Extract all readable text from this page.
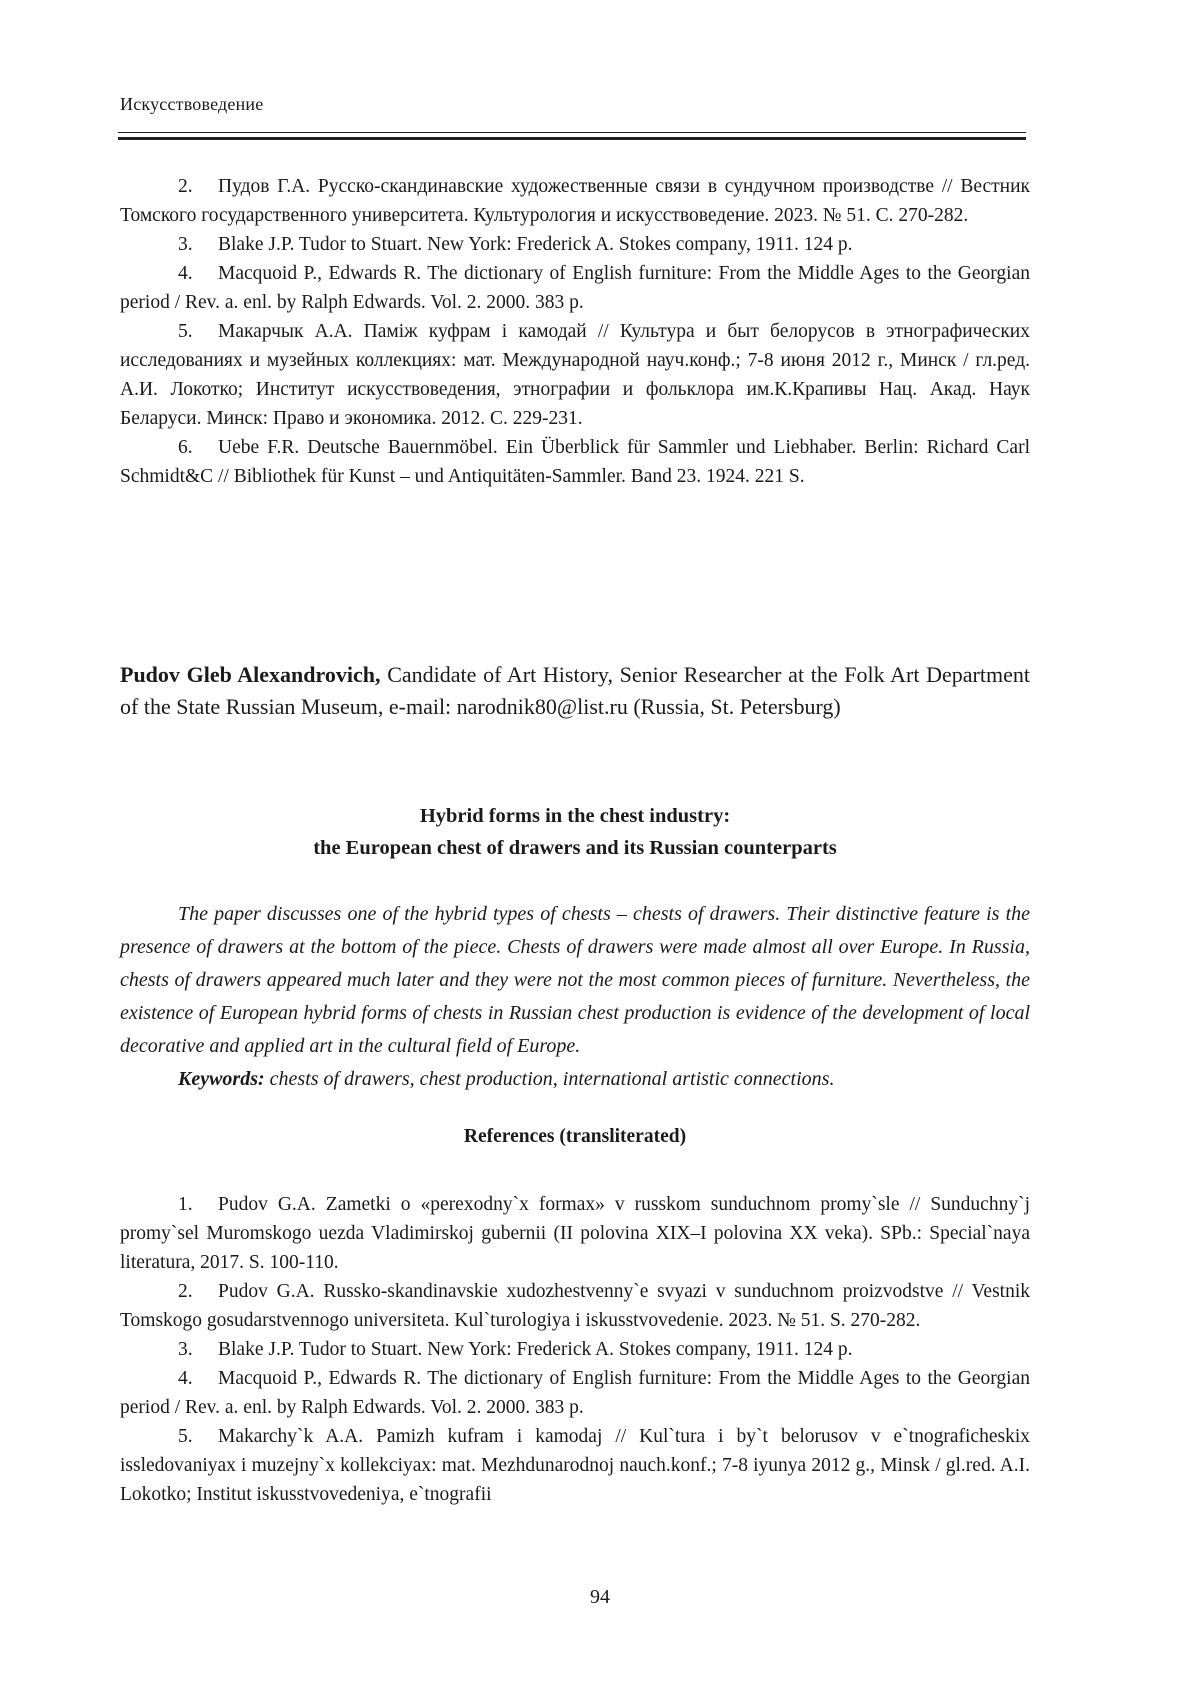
Искусствоведение

2. Пудов Г.А. Русско-скандинавские художественные связи в сундучном производстве // Вестник Томского государственного университета. Культурология и искусствоведение. 2023. № 51. С. 270-282.

3. Blake J.P. Tudor to Stuart. New York: Frederick A. Stokes company, 1911. 124 p.

4. Macquoid P., Edwards R. The dictionary of English furniture: From the Middle Ages to the Georgian period / Rev. a. enl. by Ralph Edwards. Vol. 2. 2000. 383 p.

5. Макарчык А.А. Паміж куфрам і камодай // Культура и быт белорусов в этнографических исследованиях и музейных коллекциях: мат. Международной науч.конф.; 7-8 июня 2012 г., Минск / гл.ред. А.И. Локотко; Институт искусствоведения, этнографии и фольклора им.К.Крапивы Нац. Акад. Наук Беларуси. Минск: Право и экономика. 2012. С. 229-231.

6. Uebe F.R. Deutsche Bauernmöbel. Ein Überblick für Sammler und Liebhaber. Berlin: Richard Carl Schmidt&C // Bibliothek für Kunst – und Antiquitäten-Sammler. Band 23. 1924. 221 S.

Pudov Gleb Alexandrovich, Candidate of Art History, Senior Researcher at the Folk Art Department of the State Russian Museum, e-mail: narodnik80@list.ru (Russia, St. Petersburg)

Hybrid forms in the chest industry:
the European chest of drawers and its Russian counterparts

The paper discusses one of the hybrid types of chests – chests of drawers. Their distinctive feature is the presence of drawers at the bottom of the piece. Chests of drawers were made almost all over Europe. In Russia, chests of drawers appeared much later and they were not the most common pieces of furniture. Nevertheless, the existence of European hybrid forms of chests in Russian chest production is evidence of the development of local decorative and applied art in the cultural field of Europe.

Keywords: chests of drawers, chest production, international artistic connections.

References (transliterated)

1. Pudov G.A. Zametki o «perexodny`x formax» v russkom sunduchnom promy`sle // Sunduchny`j promy`sel Muromskogo uezda Vladimirskoj gubernii (II polovina XIX–I polovina XX veka). SPb.: Special`naya literatura, 2017. S. 100-110.

2. Pudov G.A. Russko-skandinavskie xudozhestvenny`e svyazi v sunduchnom proizvodstve // Vestnik Tomskogo gosudarstvennogo universiteta. Kul`turologiya i iskusstvovedenie. 2023. № 51. S. 270-282.

3. Blake J.P. Tudor to Stuart. New York: Frederick A. Stokes company, 1911. 124 p.

4. Macquoid P., Edwards R. The dictionary of English furniture: From the Middle Ages to the Georgian period / Rev. a. enl. by Ralph Edwards. Vol. 2. 2000. 383 p.

5. Makarchy`k A.A. Pamizh kufram i kamodaj // Kul`tura i by`t belorusov v e`tnograficheskix issledovaniyax i muzejny`x kollekciyax: mat. Mezhdunarodnoj nauch.konf.; 7-8 iyunya 2012 g., Minsk / gl.red. A.I. Lokotko; Institut iskusstvovedeniya, e`tnografii

94
